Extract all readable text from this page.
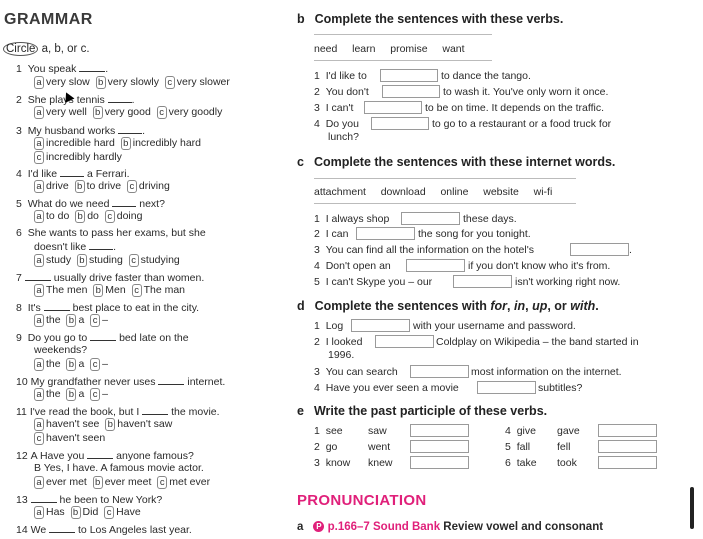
GRAMMAR
Circle a, b, or c.
1 You speak	.
a very slow b very slowly c very slower
2 She plays tennis	.
a very well b very good c very goodly
3 My husband works	.
a incredible hard b incredibly hard
c incredibly hardly
4 I'd like	a Ferrari.
a drive b to drive c driving
5 What do we need	next?
a to do b do c doing
6 She wants to pass her exams, but she
doesn't like	.
a study b studing c studying
7	usually drive faster than women.
a The men b Men c The man
8 It's	best place to eat in the city.
a the b a c –
9 Do you go to	bed late on the
weekends?
a the b a c –
10 My grandfather never uses	internet.
a the b a c –
11 I've read the book, but I	the movie.
a haven't see b haven't saw
c haven't seen
12 A Have you	anyone famous?
B Yes, I have. A famous movie actor.
a ever met b ever meet c met ever
13	he been to New York?
a Has b Did c Have
14 We	to Los Angeles last year.
b Complete the sentences with these verbs.
need learn promise want
1 I'd like to	to dance the tango.
2 You don't	to wash it. You've only worn it once.
3 I can't	to be on time. It depends on the traffic.
4 Do you	to go to a restaurant or a food truck for
lunch?
c Complete the sentences with these internet words.
attachment download online website wi-fi
1 I always shop	these days.
2 I can	the song for you tonight.
3 You can find all the information on the hotel's	.
4 Don't open an	if you don't know who it's from.
5 I can't Skype you – our	isn't working right now.
d Complete the sentences with for, in, up, or with.
1 Log	with your username and password.
2 I looked	Coldplay on Wikipedia – the band started in
1996.
3 You can search	most information on the internet.
4 Have you ever seen a movie	subtitles?
e Write the past participle of these verbs.
1 see saw	4 give gave
2 go	went	5 fall	fell
3 know knew	6 take took
PRONUNCIATION
a P p.166–7 Sound Bank Review vowel and consonant
